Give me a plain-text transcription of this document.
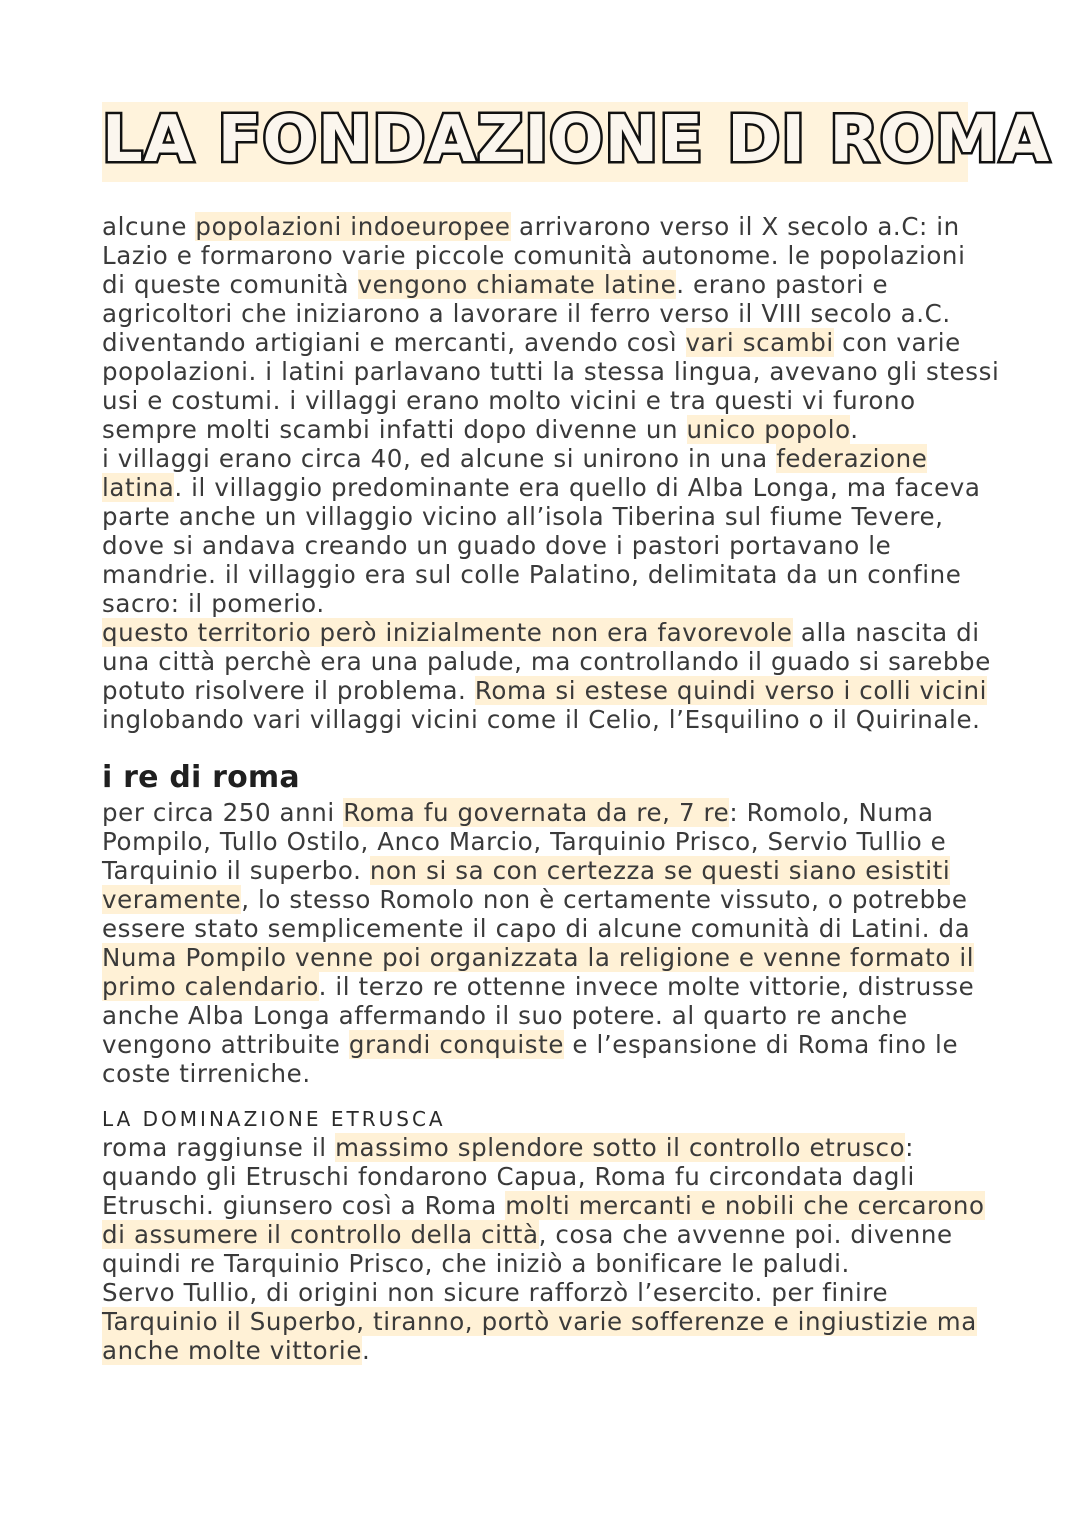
LA FONDAZIONE DI ROMA
alcune popolazioni indoeuropee arrivarono verso il X secolo a.C: in
Lazio e formarono varie piccole comunità autonome. le popolazioni
di queste comunità vengono chiamate latine. erano pastori e
agricoltori che iniziarono a lavorare il ferro verso il VIII secolo a.C.
diventando artigiani e mercanti, avendo così vari scambi con varie
popolazioni. i latini parlavano tutti la stessa lingua, avevano gli stessi
usi e costumi. i villaggi erano molto vicini e tra questi vi furono
sempre molti scambi infatti dopo divenne un unico popolo.
i villaggi erano circa 40, ed alcune si unirono in una federazione
latina. il villaggio predominante era quello di Alba Longa, ma faceva
parte anche un villaggio vicino all’isola Tiberina sul fiume Tevere,
dove si andava creando un guado dove i pastori portavano le
mandrie. il villaggio era sul colle Palatino, delimitata da un confine
sacro: il pomerio.
questo territorio però inizialmente non era favorevole alla nascita di
una città perchè era una palude, ma controllando il guado si sarebbe
potuto risolvere il problema. Roma si estese quindi verso i colli vicini
inglobando vari villaggi vicini come il Celio, l’Esquilino o il Quirinale.
i re di roma
per circa 250 anni Roma fu governata da re, 7 re: Romolo, Numa
Pompilo, Tullo Ostilo, Anco Marcio, Tarquinio Prisco, Servio Tullio e
Tarquinio il superbo. non si sa con certezza se questi siano esistiti
veramente, lo stesso Romolo non è certamente vissuto, o potrebbe
essere stato semplicemente il capo di alcune comunità di Latini. da
Numa Pompilo venne poi organizzata la religione e venne formato il
primo calendario. il terzo re ottenne invece molte vittorie, distrusse
anche Alba Longa affermando il suo potere. al quarto re anche
vengono attribuite grandi conquiste e l’espansione di Roma fino le
coste tirreniche.
LA DOMINAZIONE ETRUSCA
roma raggiunse il massimo splendore sotto il controllo etrusco:
quando gli Etruschi fondarono Capua, Roma fu circondata dagli
Etruschi. giunsero così a Roma molti mercanti e nobili che cercarono
di assumere il controllo della città, cosa che avvenne poi. divenne
quindi re Tarquinio Prisco, che iniziò a bonificare le paludi.
Servo Tullio, di origini non sicure rafforzò l’esercito. per finire
Tarquinio il Superbo, tiranno, portò varie sofferenze e ingiustizie ma
anche molte vittorie.
